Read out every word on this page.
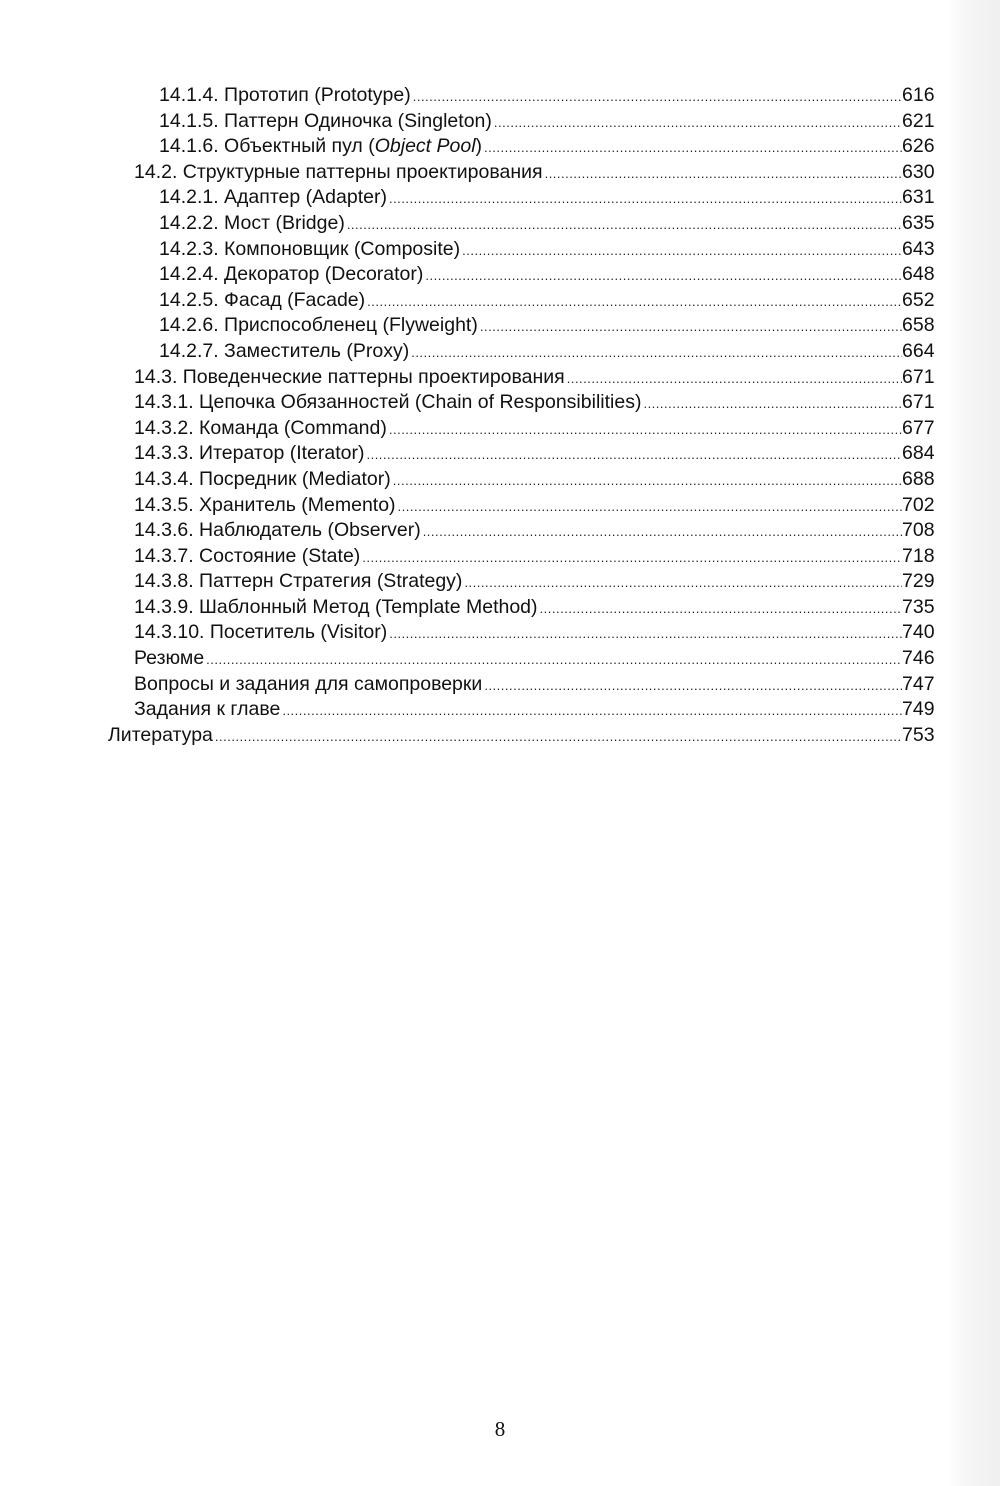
14.1.4. Прототип (Prototype) .....	616
14.1.5. Паттерн Одиночка (Singleton) .....	621
14.1.6. Объектный пул (Object Pool) .....	626
14.2. Структурные паттерны проектирования .....	630
14.2.1. Адаптер (Adapter) .....	631
14.2.2. Мост (Bridge) .....	635
14.2.3. Компоновщик (Composite) .....	643
14.2.4. Декоратор (Decorator) .....	648
14.2.5. Фасад (Facade) .....	652
14.2.6. Приспособленец (Flyweight) .....	658
14.2.7. Заместитель (Proxy) .....	664
14.3. Поведенческие паттерны проектирования .....	671
14.3.1. Цепочка Обязанностей (Chain of Responsibilities) .....	671
14.3.2. Команда (Command) .....	677
14.3.3. Итератор (Iterator) .....	684
14.3.4. Посредник (Mediator) .....	688
14.3.5. Хранитель (Memento) .....	702
14.3.6. Наблюдатель (Observer) .....	708
14.3.7. Состояние (State) .....	718
14.3.8. Паттерн Стратегия (Strategy) .....	729
14.3.9. Шаблонный Метод (Template Method) .....	735
14.3.10. Посетитель (Visitor) .....	740
Резюме .....	746
Вопросы и задания для самопроверки .....	747
Задания к главе .....	749
Литература .....	753
8
